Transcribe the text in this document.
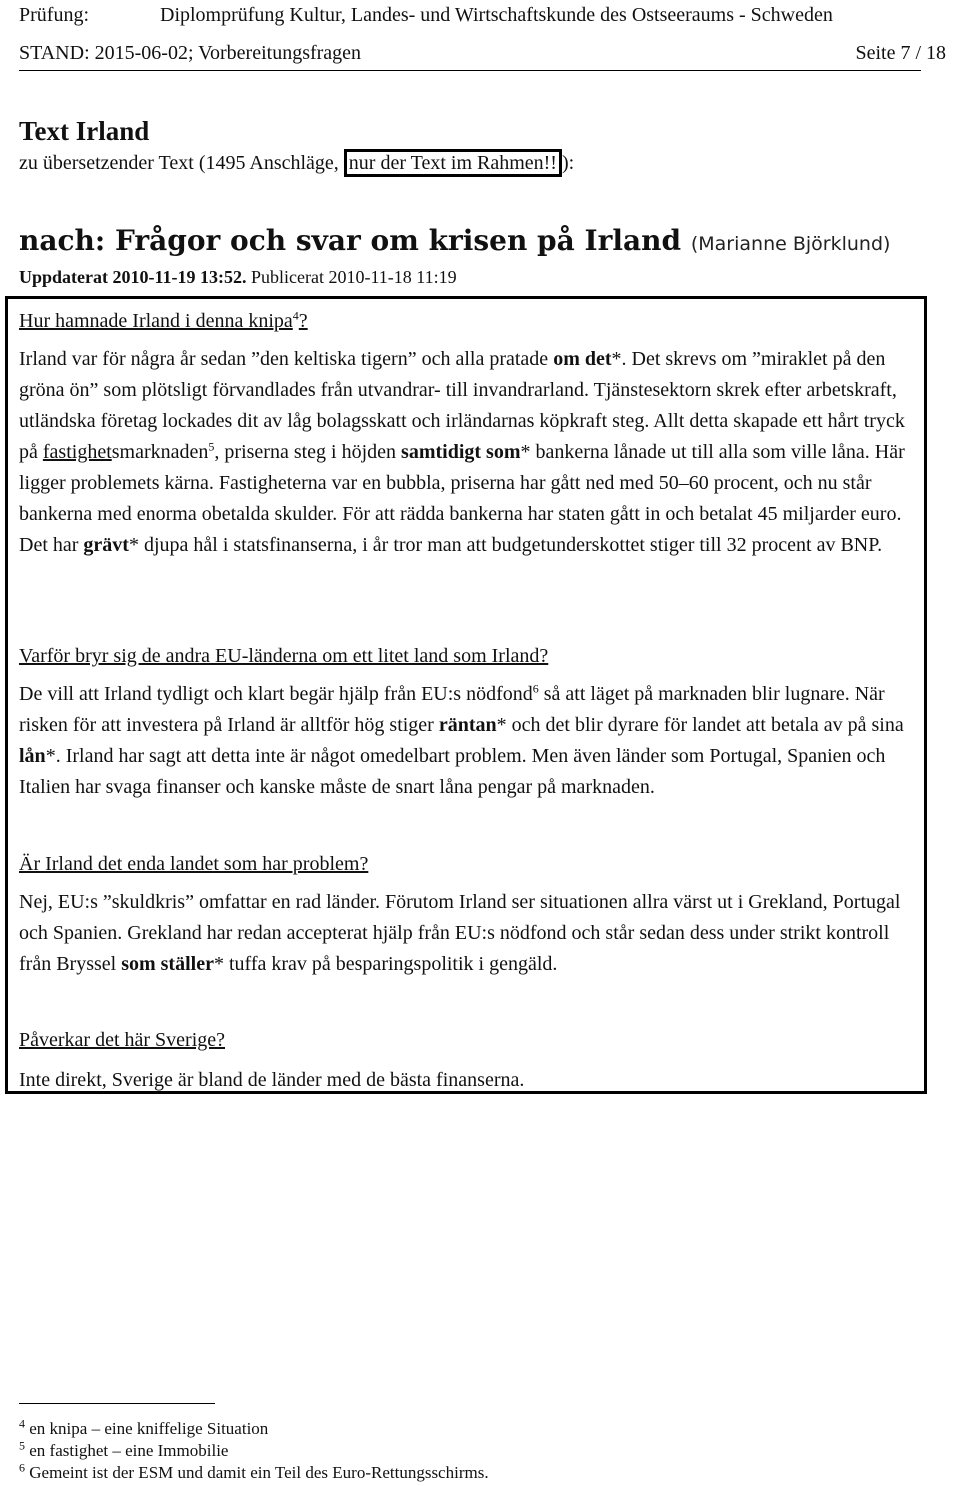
Prüfung:	Diplomprüfung Kultur, Landes- und Wirtschaftskunde des Ostseeraums - Schweden
STAND: 2015-06-02; Vorbereitungsfragen	Seite 7 / 18
Text Irland
zu übersetzender Text (1495 Anschläge, nur der Text im Rahmen!! ):
nach: Frågor och svar om krisen på Irland (Marianne Björklund)
Uppdaterat 2010-11-19 13:52. Publicerat 2010-11-18 11:19
Hur hamnade Irland i denna knipa$^4$?
Irland var för några år sedan ”den keltiska tigern” och alla pratade om det*. Det skrevs om ”miraklet på den gröna ön” som plötsligt förvandlades från utvandrar- till invandrarland. Tjänstesektorn skrek efter arbetskraft, utländska företag lockades dit av låg bolagsskatt och irländarnas köpkraft steg. Allt detta skapade ett hårt tryck på fastighetsmarknaden$^5$, priserna steg i höjden samtidigt som* bankerna lånade ut till alla som ville låna. Här ligger problemets kärna. Fastigheterna var en bubbla, priserna har gått ned med 50–60 procent, och nu står bankerna med enorma obetalda skulder. För att rädda bankerna har staten gått in och betalat 45 miljarder euro. Det har grävt* djupa hål i statsfinanserna, i år tror man att budgetunderskottet stiger till 32 procent av BNP.
Varför bryr sig de andra EU-länderna om ett litet land som Irland?
De vill att Irland tydligt och klart begär hjälp från EU:s nödfond$^6$ så att läget på marknaden blir lugnare. När risken för att investera på Irland är alltför hög stiger räntan* och det blir dyrare för landet att betala av på sina lån*. Irland har sagt att detta inte är något omedelbart problem. Men även länder som Portugal, Spanien och Italien har svaga finanser och kanske måste de snart låna pengar på marknaden.
Är Irland det enda landet som har problem?
Nej, EU:s ”skuldkris” omfattar en rad länder. Förutom Irland ser situationen allra värst ut i Grekland, Portugal och Spanien. Grekland har redan accepterat hjälp från EU:s nödfond och står sedan dess under strikt kontroll från Bryssel som ställer* tuffa krav på besparingspolitik i gengäld.
Påverkar det här Sverige?
Inte direkt, Sverige är bland de länder med de bästa finanserna.
$^4$ en knipa – eine kniffelige Situation
$^5$ en fastighet – eine Immobilie
$^6$ Gemeint ist der ESM und damit ein Teil des Euro-Rettungsschirms.
